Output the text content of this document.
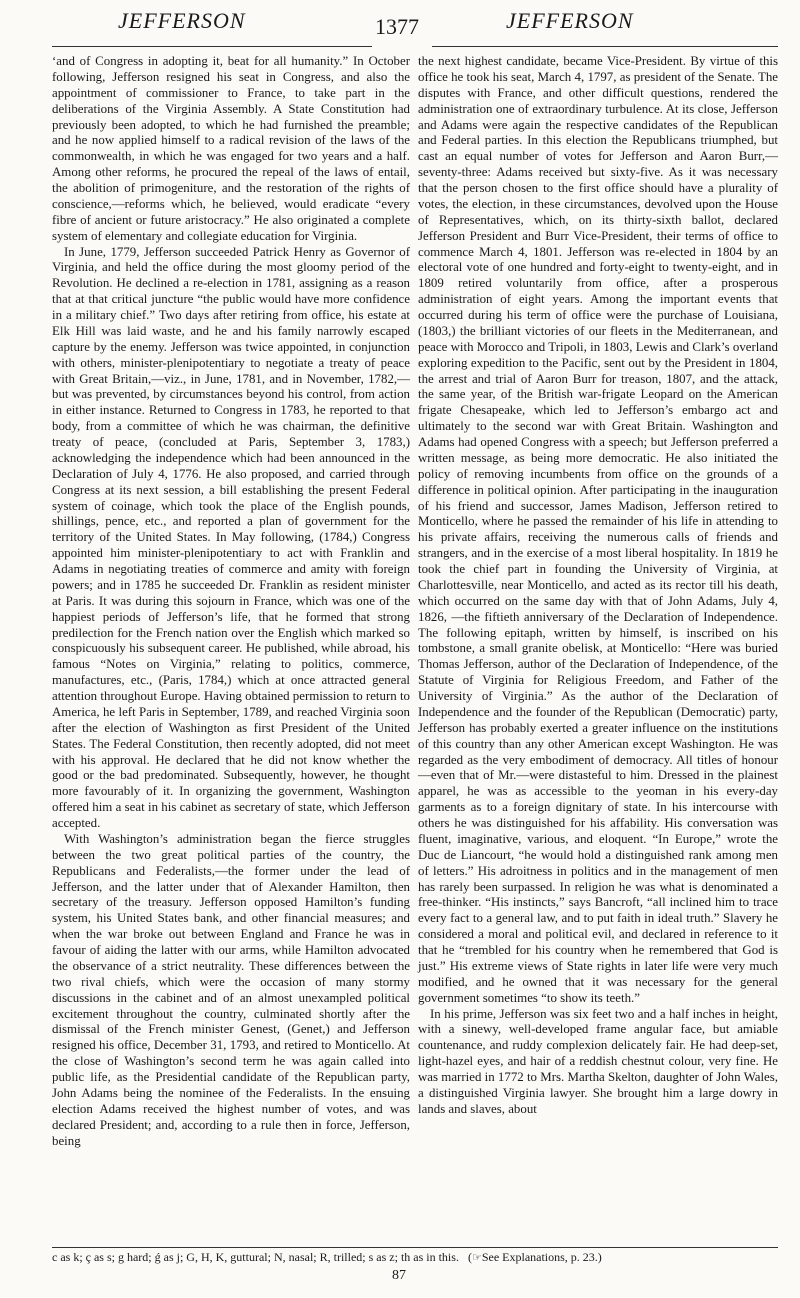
JEFFERSON	1377	JEFFERSON

‘and of Congress in adopting it, beat for all humanity.” In October following, Jefferson resigned his seat in Congress, and also the appointment of commissioner to France, to take part in the deliberations of the Virginia Assembly. A State Constitution had previously been adopted, to which he had furnished the preamble; and he now applied himself to a radical revision of the laws of the commonwealth, in which he was engaged for two years and a half. Among other reforms, he procured the repeal of the laws of entail, the abolition of primogeniture, and the restoration of the rights of conscience,—reforms which, he believed, would eradicate “every fibre of ancient or future aristocracy.” He also originated a complete system of elementary and collegiate education for Virginia.

In June, 1779, Jefferson succeeded Patrick Henry as Governor of Virginia, and held the office during the most gloomy period of the Revolution. He declined a re-election in 1781, assigning as a reason that at that critical juncture “the public would have more confidence in a military chief.” Two days after retiring from office, his estate at Elk Hill was laid waste, and he and his family narrowly escaped capture by the enemy. Jefferson was twice appointed, in conjunction with others, minister-plenipotentiary to negotiate a treaty of peace with Great Britain,—viz., in June, 1781, and in November, 1782,—but was prevented, by circumstances beyond his control, from action in either instance. Returned to Congress in 1783, he reported to that body, from a committee of which he was chairman, the definitive treaty of peace, (concluded at Paris, September 3, 1783,) acknowledging the independence which had been announced in the Declaration of July 4, 1776. He also proposed, and carried through Congress at its next session, a bill establishing the present Federal system of coinage, which took the place of the English pounds, shillings, pence, etc., and reported a plan of government for the territory of the United States. In May following, (1784,) Congress appointed him minister-plenipotentiary to act with Franklin and Adams in negotiating treaties of commerce and amity with foreign powers; and in 1785 he succeeded Dr. Franklin as resident minister at Paris. It was during this sojourn in France, which was one of the happiest periods of Jefferson’s life, that he formed that strong predilection for the French nation over the English which marked so conspicuously his subsequent career. He published, while abroad, his famous “Notes on Virginia,” relating to politics, commerce, manufactures, etc., (Paris, 1784,) which at once attracted general attention throughout Europe. Having obtained permission to return to America, he left Paris in September, 1789, and reached Virginia soon after the election of Washington as first President of the United States. The Federal Constitution, then recently adopted, did not meet with his approval. He declared that he did not know whether the good or the bad predominated. Subsequently, however, he thought more favourably of it. In organizing the government, Washington offered him a seat in his cabinet as secretary of state, which Jefferson accepted.

With Washington’s administration began the fierce struggles between the two great political parties of the country, the Republicans and Federalists,—the former under the lead of Jefferson, and the latter under that of Alexander Hamilton, then secretary of the treasury. Jefferson opposed Hamilton’s funding system, his United States bank, and other financial measures; and when the war broke out between England and France he was in favour of aiding the latter with our arms, while Hamilton advocated the observance of a strict neutrality. These differences between the two rival chiefs, which were the occasion of many stormy discussions in the cabinet and of an almost unexampled political excitement throughout the country, culminated shortly after the dismissal of the French minister Genest, (Genet,) and Jefferson resigned his office, December 31, 1793, and retired to Monticello. At the close of Washington’s second term he was again called into public life, as the Presidential candidate of the Republican party, John Adams being the nominee of the Federalists. In the ensuing election Adams received the highest number of votes, and was declared President; and, according to a rule then in force, Jefferson, being

the next highest candidate, became Vice-President. By virtue of this office he took his seat, March 4, 1797, as president of the Senate. The disputes with France, and other difficult questions, rendered the administration one of extraordinary turbulence. At its close, Jefferson and Adams were again the respective candidates of the Republican and Federal parties. In this election the Republicans triumphed, but cast an equal number of votes for Jefferson and Aaron Burr,—seventy-three: Adams received but sixty-five. As it was necessary that the person chosen to the first office should have a plurality of votes, the election, in these circumstances, devolved upon the House of Representatives, which, on its thirty-sixth ballot, declared Jefferson President and Burr Vice-President, their terms of office to commence March 4, 1801. Jefferson was re-elected in 1804 by an electoral vote of one hundred and forty-eight to twenty-eight, and in 1809 retired voluntarily from office, after a prosperous administration of eight years. Among the important events that occurred during his term of office were the purchase of Louisiana, (1803,) the brilliant victories of our fleets in the Mediterranean, and peace with Morocco and Tripoli, in 1803, Lewis and Clark’s overland exploring expedition to the Pacific, sent out by the President in 1804, the arrest and trial of Aaron Burr for treason, 1807, and the attack, the same year, of the British war-frigate Leopard on the American frigate Chesapeake, which led to Jefferson’s embargo act and ultimately to the second war with Great Britain. Washington and Adams had opened Congress with a speech; but Jefferson preferred a written message, as being more democratic. He also initiated the policy of removing incumbents from office on the grounds of a difference in political opinion. After participating in the inauguration of his friend and successor, James Madison, Jefferson retired to Monticello, where he passed the remainder of his life in attending to his private affairs, receiving the numerous calls of friends and strangers, and in the exercise of a most liberal hospitality. In 1819 he took the chief part in founding the University of Virginia, at Charlottesville, near Monticello, and acted as its rector till his death, which occurred on the same day with that of John Adams, July 4, 1826, —the fiftieth anniversary of the Declaration of Independence. The following epitaph, written by himself, is inscribed on his tombstone, a small granite obelisk, at Monticello: “Here was buried Thomas Jefferson, author of the Declaration of Independence, of the Statute of Virginia for Religious Freedom, and Father of the University of Virginia.” As the author of the Declaration of Independence and the founder of the Republican (Democratic) party, Jefferson has probably exerted a greater influence on the institutions of this country than any other American except Washington. He was regarded as the very embodiment of democracy. All titles of honour—even that of Mr.—were distasteful to him. Dressed in the plainest apparel, he was as accessible to the yeoman in his every-day garments as to a foreign dignitary of state. In his intercourse with others he was distinguished for his affability. His conversation was fluent, imaginative, various, and eloquent. “In Europe,” wrote the Duc de Liancourt, “he would hold a distinguished rank among men of letters.” His adroitness in politics and in the management of men has rarely been surpassed. In religion he was what is denominated a free-thinker. “His instincts,” says Bancroft, “all inclined him to trace every fact to a general law, and to put faith in ideal truth.” Slavery he considered a moral and political evil, and declared in reference to it that he “trembled for his country when he remembered that God is just.” His extreme views of State rights in later life were very much modified, and he owned that it was necessary for the general government sometimes “to show its teeth.”

In his prime, Jefferson was six feet two and a half inches in height, with a sinewy, well-developed frame angular face, but amiable countenance, and ruddy complexion delicately fair. He had deep-set, light-hazel eyes, and hair of a reddish chestnut colour, very fine. He was married in 1772 to Mrs. Martha Skelton, daughter of John Wales, a distinguished Virginia lawyer. She brought him a large dowry in lands and slaves, about

c as k; ç as s; g hard; ǵ as j; G, H, K, guttural; N, nasal; R, trilled; s as z; th as in this. (☞See Explanations, p. 23.)
87
